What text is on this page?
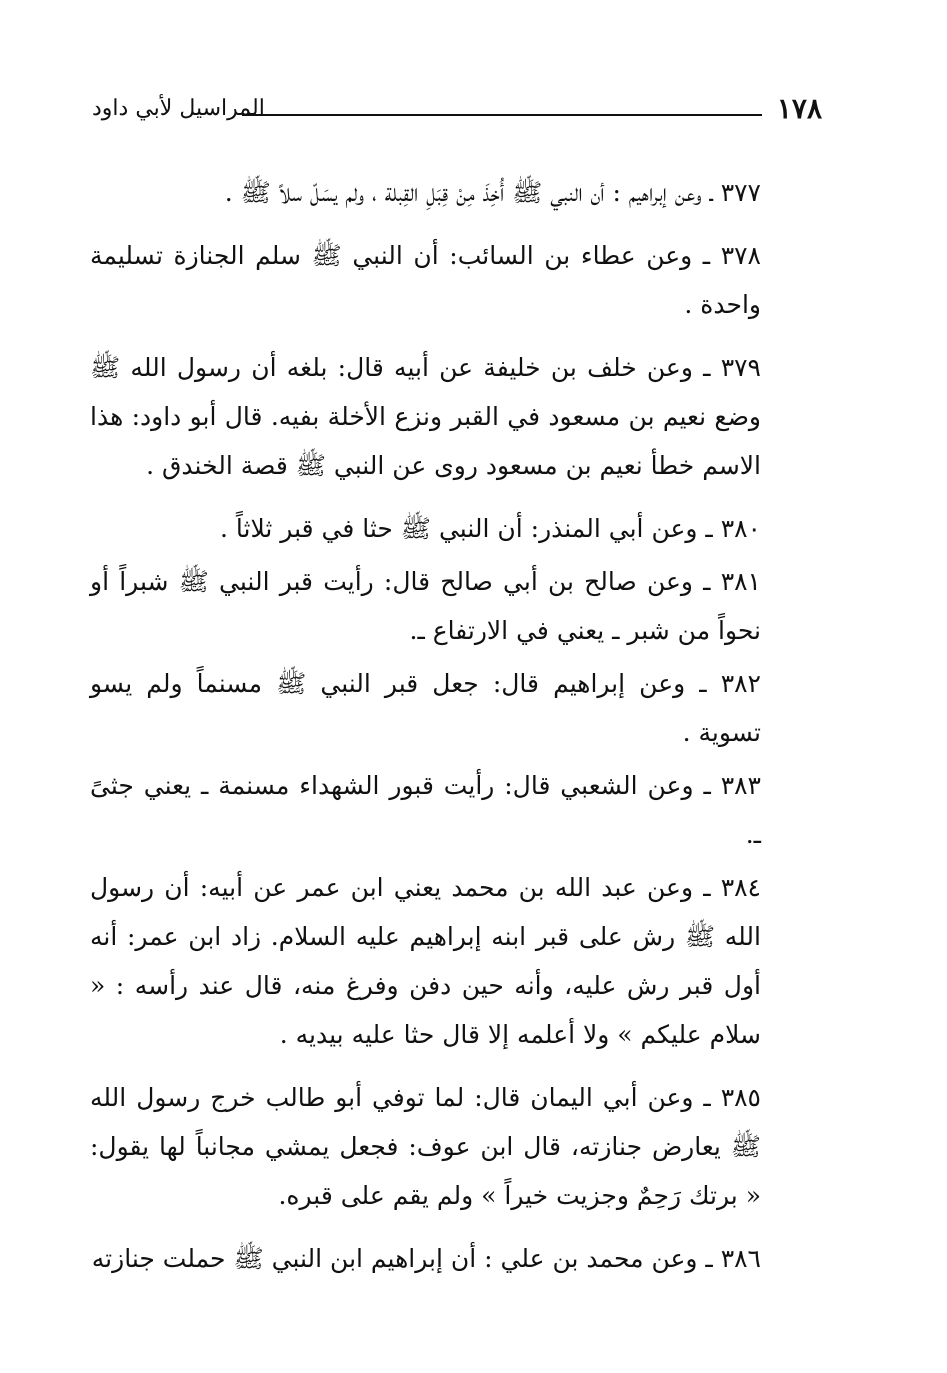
١٧٨
المراسيل لأبي داود

٣٧٧ ـ وعن إبراهيم : أن النبي ﷺ أُخِذَ مِنْ قِبَلِ القِبلة ، ولم يسَلّ سلاً ﷺ .

٣٧٨ ـ وعن عطاء بن السائب: أن النبي ﷺ سلم الجنازة تسليمة واحدة .

٣٧٩ ـ وعن خلف بن خليفة عن أبيه قال: بلغه أن رسول الله ﷺ وضع نعيم بن مسعود في القبر ونزع الأخلة بفيه. قال أبو داود: هذا الاسم خطأ نعيم بن مسعود روى عن النبي ﷺ قصة الخندق .

٣٨٠ ـ وعن أبي المنذر: أن النبي ﷺ حثا في قبر ثلاثاً .

٣٨١ ـ وعن صالح بن أبي صالح قال: رأيت قبر النبي ﷺ شبراً أو نحواً من شبر ـ يعني في الارتفاع ـ.

٣٨٢ ـ وعن إبراهيم قال: جعل قبر النبي ﷺ مسنماً ولم يسو تسوية .

٣٨٣ ـ وعن الشعبي قال: رأيت قبور الشهداء مسنمة ـ يعني جثىً ـ.

٣٨٤ ـ وعن عبد الله بن محمد يعني ابن عمر عن أبيه: أن رسول الله ﷺ رش على قبر ابنه إبراهيم عليه السلام. زاد ابن عمر: أنه أول قبر رش عليه، وأنه حين دفن وفرغ منه، قال عند رأسه : « سلام عليكم » ولا أعلمه إلا قال حثا عليه بيديه .

٣٨٥ ـ وعن أبي اليمان قال: لما توفي أبو طالب خرج رسول الله ﷺ يعارض جنازته، قال ابن عوف: فجعل يمشي مجانباً لها يقول: « برتك رَحِمٌ وجزيت خيراً » ولم يقم على قبره.

٣٨٦ ـ وعن محمد بن علي : أن إبراهيم ابن النبي ﷺ حملت جنازته
